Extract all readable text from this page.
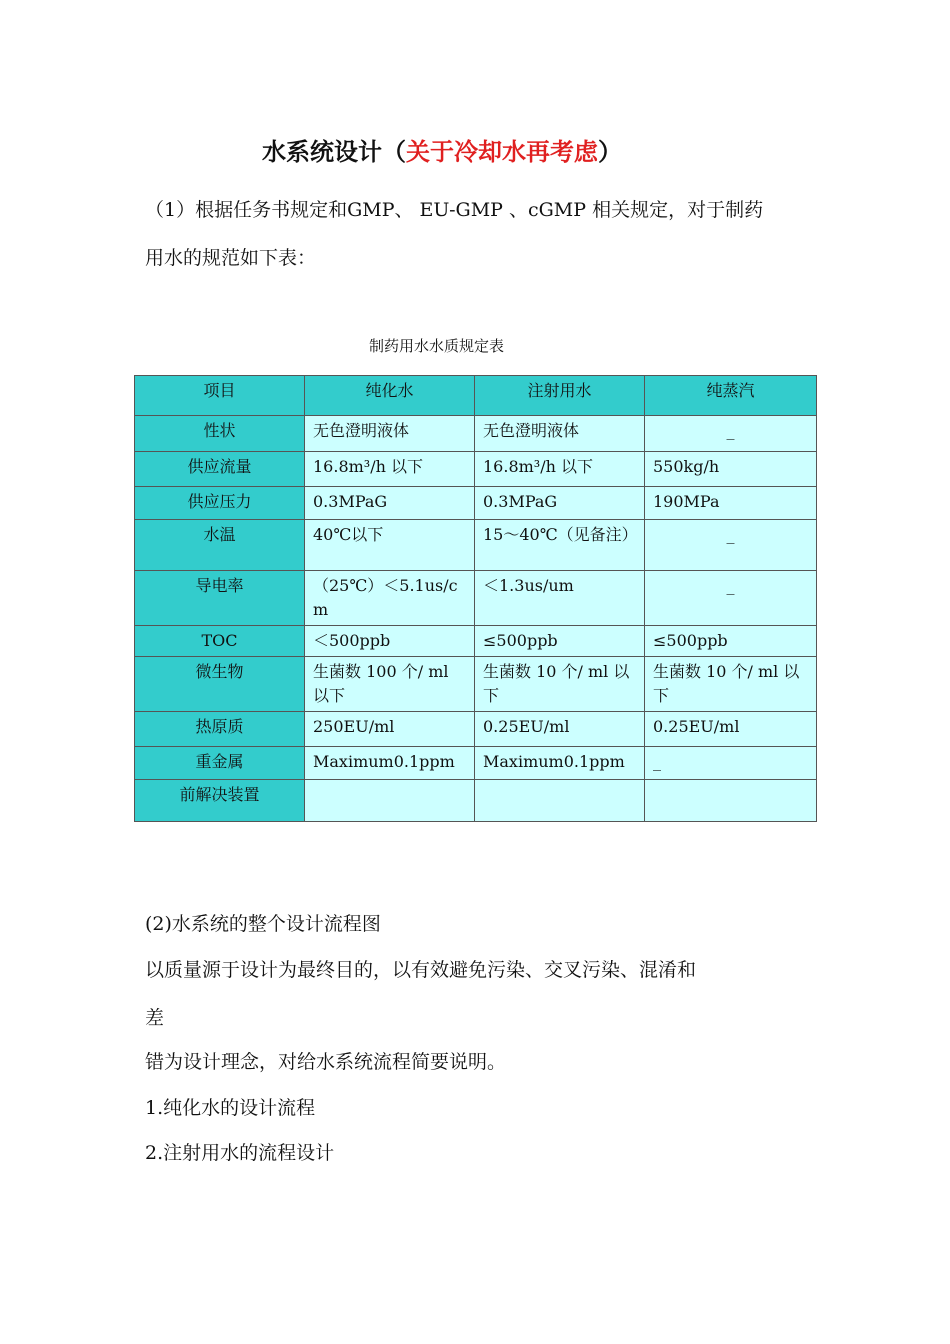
水系统设计（关于冷却水再考虑）
（1）根据任务书规定和GMP、 EU-GMP 、cGMP 相关规定，对于制药
用水的规范如下表：
制药用水水质规定表
项目	纯化水	注射用水	纯蒸汽
性状	无色澄明液体	无色澄明液体	_
供应流量	16.8m³/h 以下	16.8m³/h 以下	550kg/h
供应压力	0.3MPaG	0.3MPaG	190MPa
水温	40℃以下	15～40℃（见备注）	_
导电率	（25℃）＜5.1us/cm	＜1.3us/um	_
TOC	＜500ppb	≤500ppb	≤500ppb
微生物	生菌数 100 个/ ml 以下	生菌数 10 个/ ml 以下	生菌数 10 个/ ml 以下
热原质	250EU/ml	0.25EU/ml	0.25EU/ml
重金属	Maximum0.1ppm	Maximum0.1ppm	_
前解决装置			
(2)水系统的整个设计流程图
以质量源于设计为最终目的，以有效避免污染、交叉污染、混淆和
差
错为设计理念，对给水系统流程简要说明。
1.纯化水的设计流程
2.注射用水的流程设计
